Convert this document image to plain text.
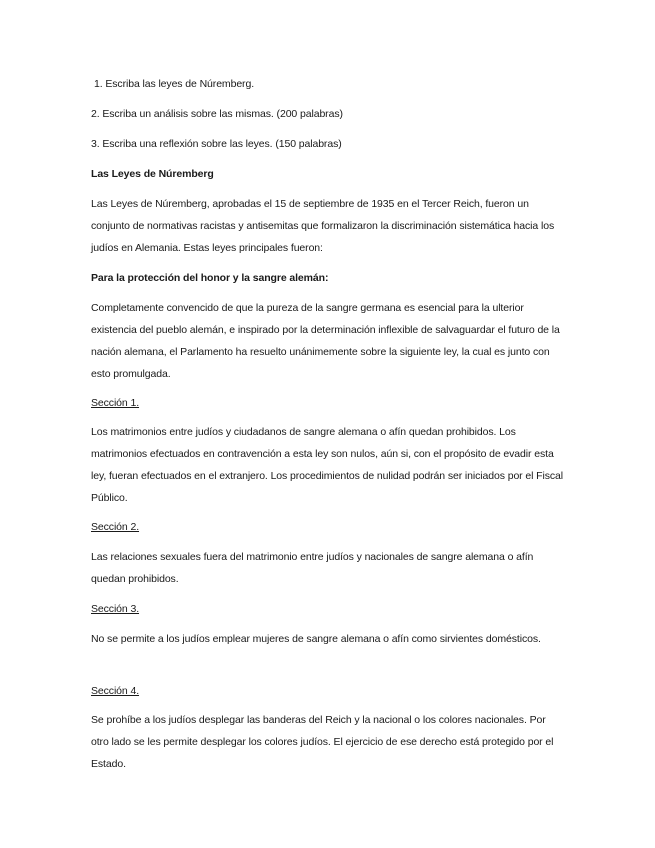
1. Escriba las leyes de Núremberg.
2. Escriba un análisis sobre las mismas. (200 palabras)
3. Escriba una reflexión sobre las leyes. (150 palabras)
Las Leyes de Núremberg
Las Leyes de Núremberg, aprobadas el 15 de septiembre de 1935 en el Tercer Reich, fueron un conjunto de normativas racistas y antisemitas que formalizaron la discriminación sistemática hacia los judíos en Alemania. Estas leyes principales fueron:
Para la protección del honor y la sangre alemán:
Completamente convencido de que la pureza de la sangre germana es esencial para la ulterior existencia del pueblo alemán, e inspirado por la determinación inflexible de salvaguardar el futuro de la nación alemana, el Parlamento ha resuelto unánimemente sobre la siguiente ley, la cual es junto con esto promulgada.
Sección 1.
Los matrimonios entre judíos y ciudadanos de sangre alemana o afín quedan prohibidos. Los matrimonios efectuados en contravención a esta ley son nulos, aún si, con el propósito de evadir esta ley, fueran efectuados en el extranjero. Los procedimientos de nulidad podrán ser iniciados por el Fiscal Público.
Sección 2.
Las relaciones sexuales fuera del matrimonio entre judíos y nacionales de sangre alemana o afín quedan prohibidos.
Sección 3.
No se permite a los judíos emplear mujeres de sangre alemana o afín como sirvientes domésticos.
Sección 4.
Se prohíbe a los judíos desplegar las banderas del Reich y la nacional o los colores nacionales. Por otro lado se les permite desplegar los colores judíos. El ejercicio de ese derecho está protegido por el Estado.
